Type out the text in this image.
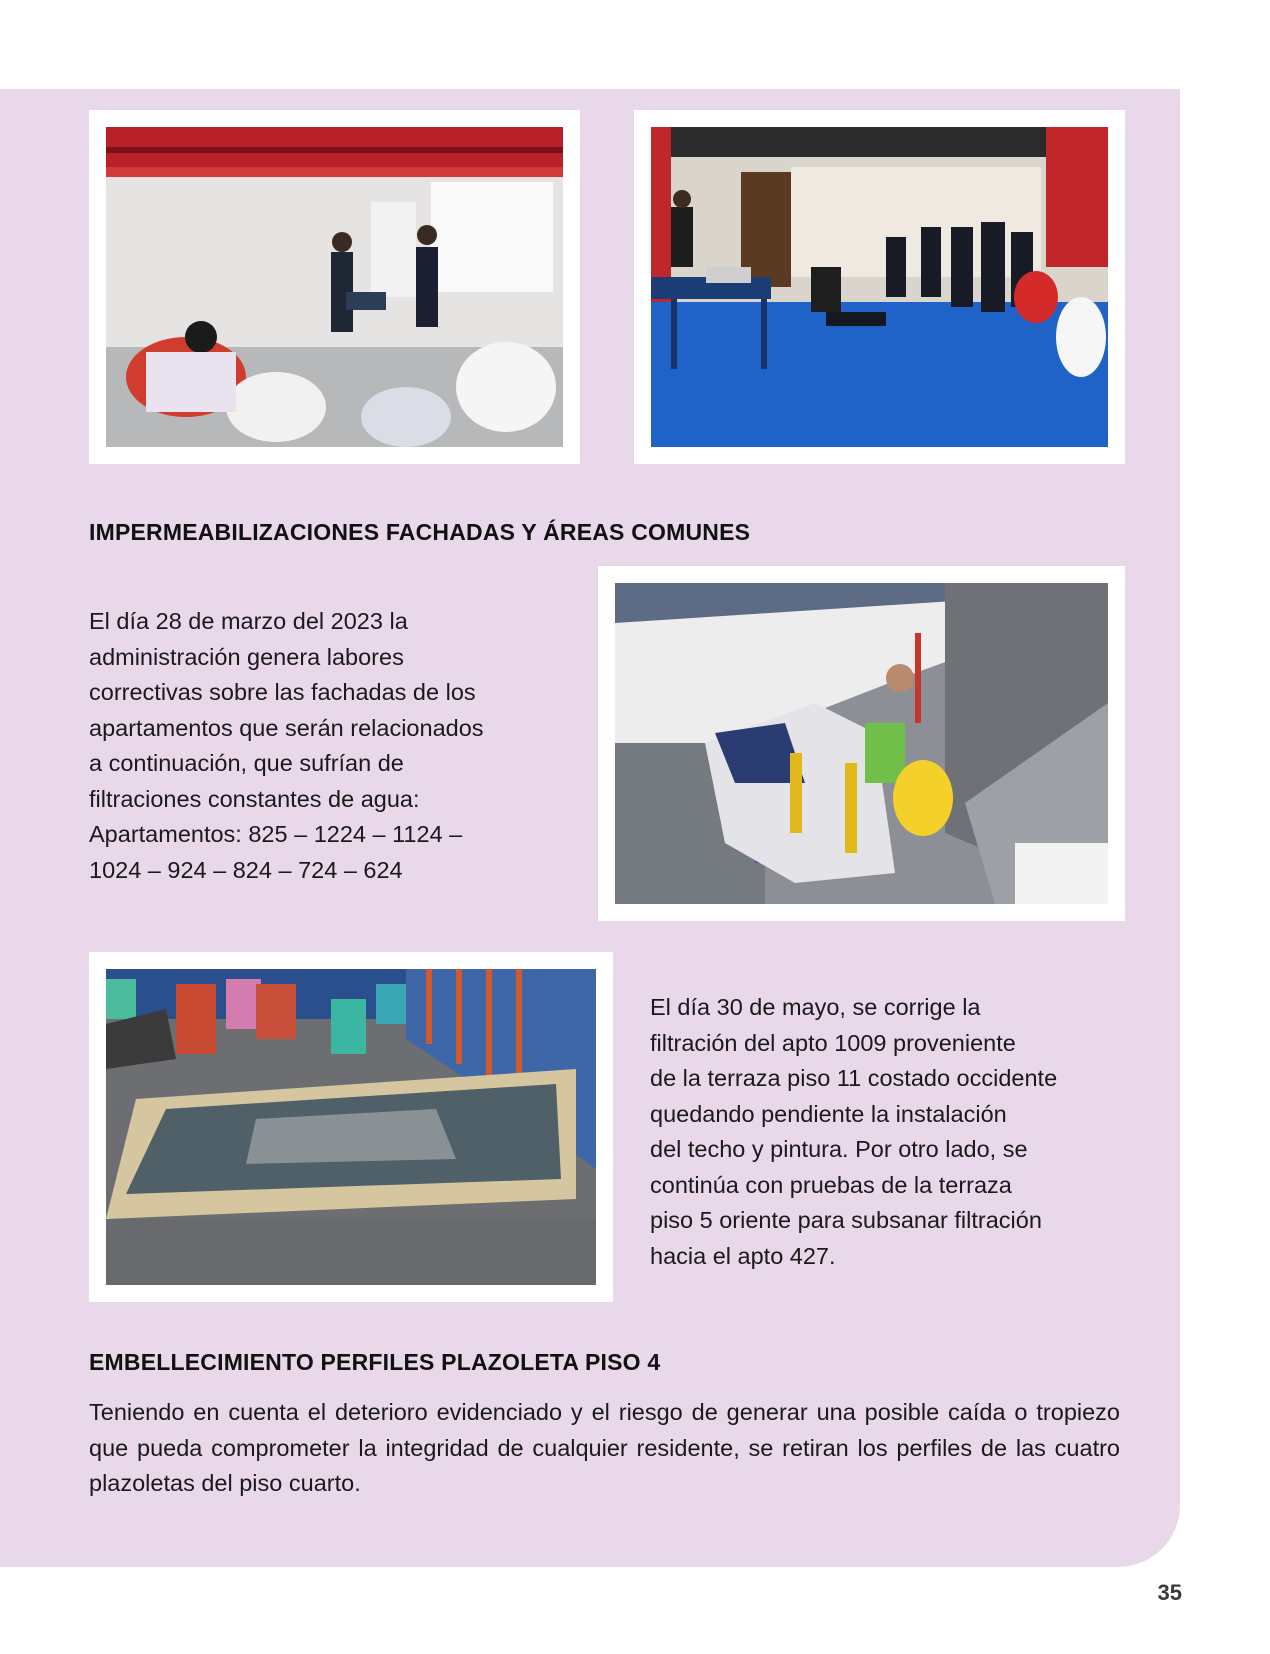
IMPERMEABILIZACIONES FACHADAS Y ÁREAS COMUNES

El día 28 de marzo del 2023 la

administración genera labores

correctivas sobre las fachadas de los

apartamentos que serán relacionados

a continuación, que sufrían de

filtraciones constantes de agua:

Apartamentos: 825 – 1224 – 1124 –

1024 – 924 – 824 – 724 – 624

El día 30 de mayo, se corrige la

filtración del apto 1009 proveniente

de la terraza piso 11 costado occidente

quedando pendiente la instalación

del techo y pintura. Por otro lado, se

continúa con pruebas de la terraza

piso 5 oriente para subsanar filtración

hacia el apto 427.

EMBELLECIMIENTO PERFILES PLAZOLETA PISO 4
Teniendo en cuenta el deterioro evidenciado y el riesgo de generar una posible caída o tropiezo que pueda comprometer la integridad de cualquier residente, se retiran los perfiles de las cuatro plazoletas del piso cuarto.
35
